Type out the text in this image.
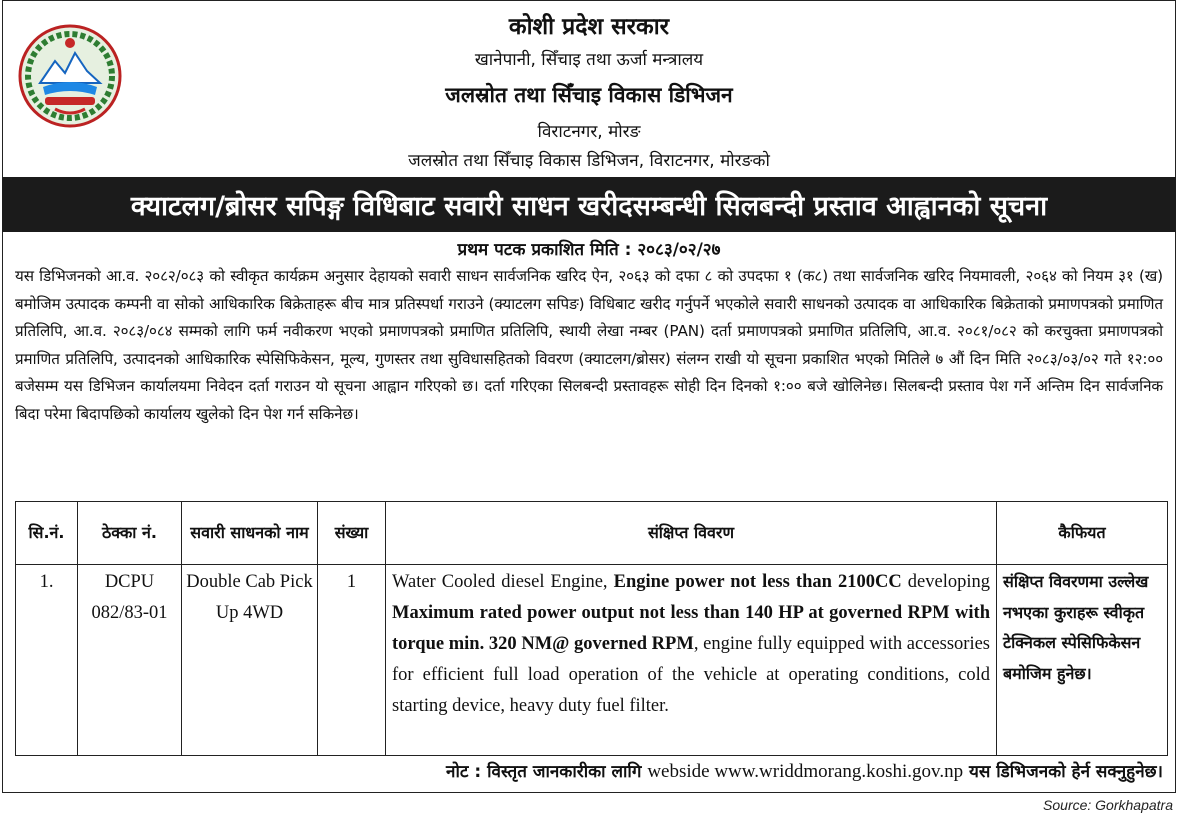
कोशी प्रदेश सरकार
खानेपानी, सिँचाइ तथा ऊर्जा मन्त्रालय
जलस्रोत तथा सिँचाइ विकास डिभिजन
विराटनगर, मोरङ
जलस्रोत तथा सिँचाइ विकास डिभिजन, विराटनगर, मोरङको
क्याटलग/ब्रोसर सपिङ्ग विधिबाट सवारी साधन खरीदसम्बन्धी सिलबन्दी प्रस्ताव आह्वानको सूचना
प्रथम पटक प्रकाशित मिति : २०८३/०२/२७
यस डिभिजनको आ.व. २०८२/०८३ को स्वीकृत कार्यक्रम अनुसार देहायको सवारी साधन सार्वजनिक खरिद ऐन, २०६३ को दफा ८ को उपदफा १ (क८) तथा सार्वजनिक खरिद नियमावली, २०६४ को नियम ३१ (ख) बमोजिम उत्पादक कम्पनी वा सोको आधिकारिक बिक्रेताहरू बीच मात्र प्रतिस्पर्धा गराउने (क्याटलग सपिङ) विधिबाट खरीद गर्नुपर्ने भएकोले सवारी साधनको उत्पादक वा आधिकारिक बिक्रेताको प्रमाणपत्रको प्रमाणित प्रतिलिपि, आ.व. २०८३/०८४ सम्मको लागि फर्म नवीकरण भएको प्रमाणपत्रको प्रमाणित प्रतिलिपि, स्थायी लेखा नम्बर (PAN) दर्ता प्रमाणपत्रको प्रमाणित प्रतिलिपि, आ.व. २०८१/०८२ को करचुक्ता प्रमाणपत्रको प्रमाणित प्रतिलिपि, उत्पादनको आधिकारिक स्पेसिफिकेसन, मूल्य, गुणस्तर तथा सुविधासहितको विवरण (क्याटलग/ब्रोसर) संलग्न राखी यो सूचना प्रकाशित भएको मितिले ७ औं दिन मिति २०८३/०३/०२ गते १२:०० बजेसम्म यस डिभिजन कार्यालयमा निवेदन दर्ता गराउन यो सूचना आह्वान गरिएको छ। दर्ता गरिएका सिलबन्दी प्रस्तावहरू सोही दिन दिनको १:०० बजे खोलिनेछ। सिलबन्दी प्रस्ताव पेश गर्ने अन्तिम दिन सार्वजनिक बिदा परेमा बिदापछिको कार्यालय खुलेको दिन पेश गर्न सकिनेछ।
सि.नं.	ठेक्का नं.	सवारी साधनको नाम	संख्या	संक्षिप्त विवरण	कैफियत
1.	DCPU 082/83-01	Double Cab Pick Up 4WD	1	Water Cooled diesel Engine, Engine power not less than 2100CC developing Maximum rated power output not less than 140 HP at governed RPM with torque min. 320 NM@ governed RPM, engine fully equipped with accessories for efficient full load operation of the vehicle at operating conditions, cold starting device, heavy duty fuel filter.	संक्षिप्त विवरणमा उल्लेख नभएका कुराहरू स्वीकृत टेक्निकल स्पेसिफिकेसन बमोजिम हुनेछ।
नोट : विस्तृत जानकारीका लागि webside www.wriddmorang.koshi.gov.np यस डिभिजनको हेर्न सक्नुहुनेछ।
Source: Gorkhapatra
